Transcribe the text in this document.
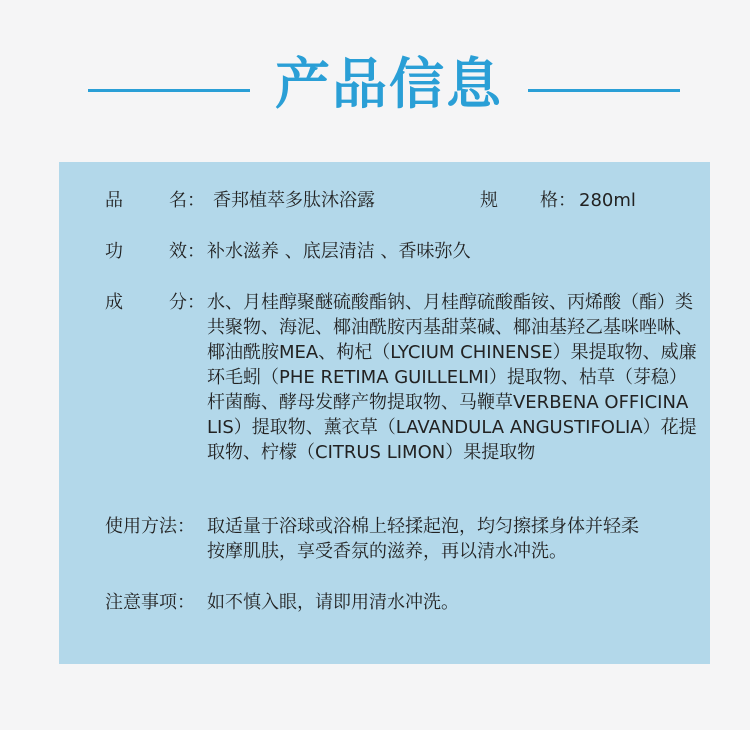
产品信息
品	名： 香邦植萃多肽沐浴露	规 格： 280ml
功	效： 补水滋养 、底层清洁 、香味弥久
成	分： 水、月桂醇聚醚硫酸酯钠、月桂醇硫酸酯铵、丙烯酸（酯）类共聚物、海泥、椰油酰胺丙基甜菜碱、椰油基羟乙基咪唑啉、椰油酰胺MEA、枸杞（LYCIUM CHINENSE）果提取物、威廉环毛蚓（PHE RETIMA GUILLELMI）提取物、枯草（芽稳）杆菌酶、酵母发酵产物提取物、马鞭草VERBENA OFFICINALIS）提取物、薰衣草（LAVANDULA ANGUSTIFOLIA）花提取物、柠檬（CITRUS LIMON）果提取物
使用方法： 取适量于浴球或浴棉上轻揉起泡，均匀擦揉身体并轻柔按摩肌肤，享受香氛的滋养，再以清水冲洗。
注意事项： 如不慎入眼，请即用清水冲洗。
